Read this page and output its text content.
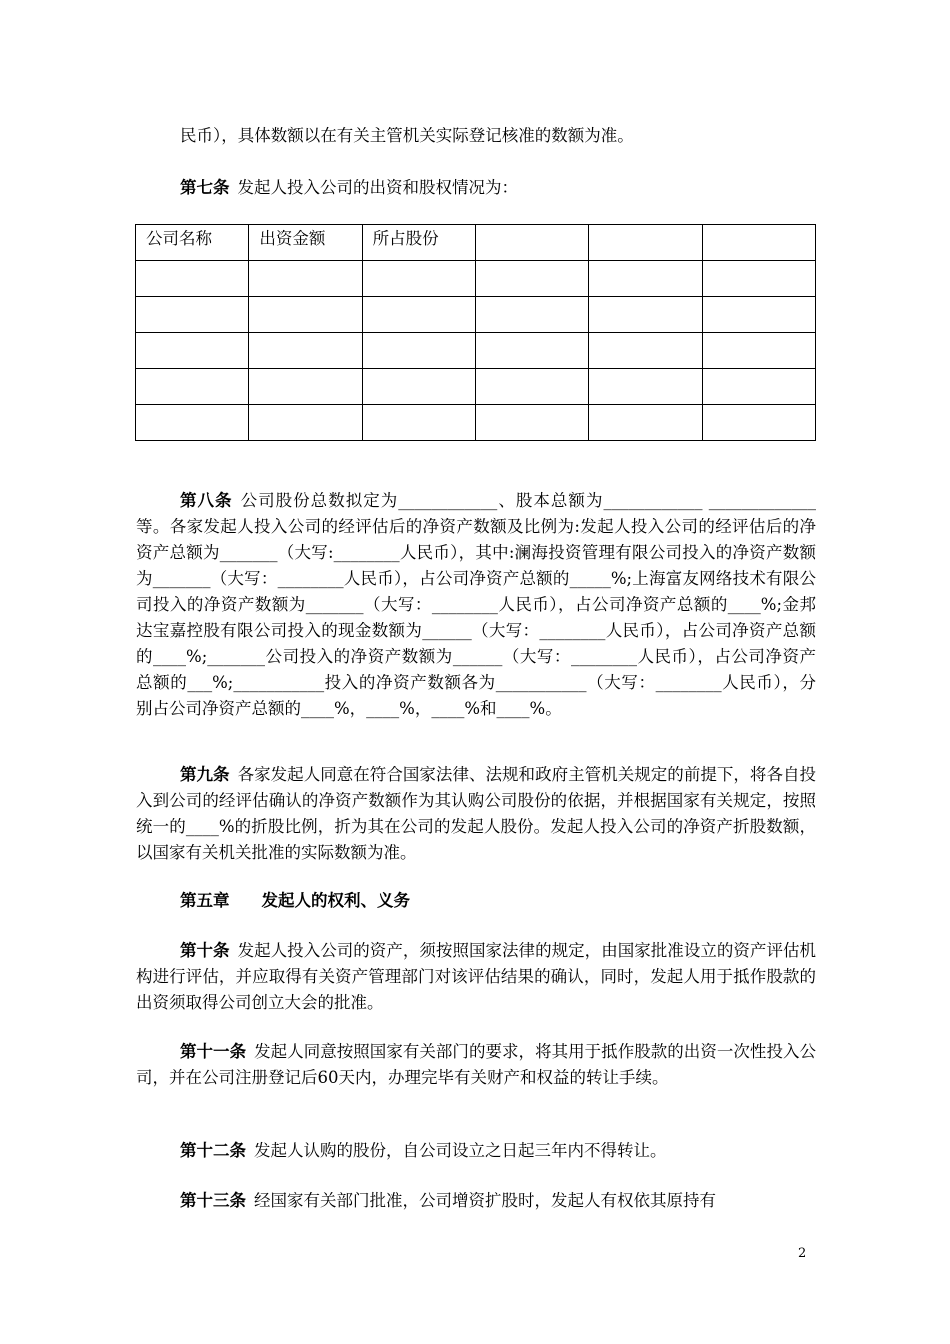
民币），具体数额以在有关主管机关实际登记核准的数额为准。

第七条 发起人投入公司的出资和股权情况为：

公司名称	出资金额	所占股份			

第八条 公司股份总数拟定为____________、股本总额为____________ _____________等。各家发起人投入公司的经评估后的净资产数额及比例为:发起人投入公司的经评估后的净资产总额为_______（大写:________人民币），其中:澜海投资管理有限公司投入的净资产数额为_______（大写：________人民币），占公司净资产总额的_____%;上海富友网络技术有限公司投入的净资产数额为_______（大写：________人民币），占公司净资产总额的____%;金邦达宝嘉控股有限公司投入的现金数额为______（大写：________人民币），占公司净资产总额的____%;_______公司投入的净资产数额为______（大写：________人民币），占公司净资产总额的___%;___________投入的净资产数额各为___________（大写：________人民币），分别占公司净资产总额的____%，____%，____%和____%。

第九条 各家发起人同意在符合国家法律、法规和政府主管机关规定的前提下，将各自投入到公司的经评估确认的净资产数额作为其认购公司股份的依据，并根据国家有关规定，按照统一的____%的折股比例，折为其在公司的发起人股份。发起人投入公司的净资产折股数额，以国家有关机关批准的实际数额为准。

第五章 发起人的权利、义务

第十条 发起人投入公司的资产，须按照国家法律的规定，由国家批准设立的资产评估机构进行评估，并应取得有关资产管理部门对该评估结果的确认，同时，发起人用于抵作股款的出资须取得公司创立大会的批准。

第十一条 发起人同意按照国家有关部门的要求，将其用于抵作股款的出资一次性投入公司，并在公司注册登记后60天内，办理完毕有关财产和权益的转让手续。

第十二条 发起人认购的股份，自公司设立之日起三年内不得转让。

第十三条 经国家有关部门批准，公司增资扩股时，发起人有权依其原持有

2
